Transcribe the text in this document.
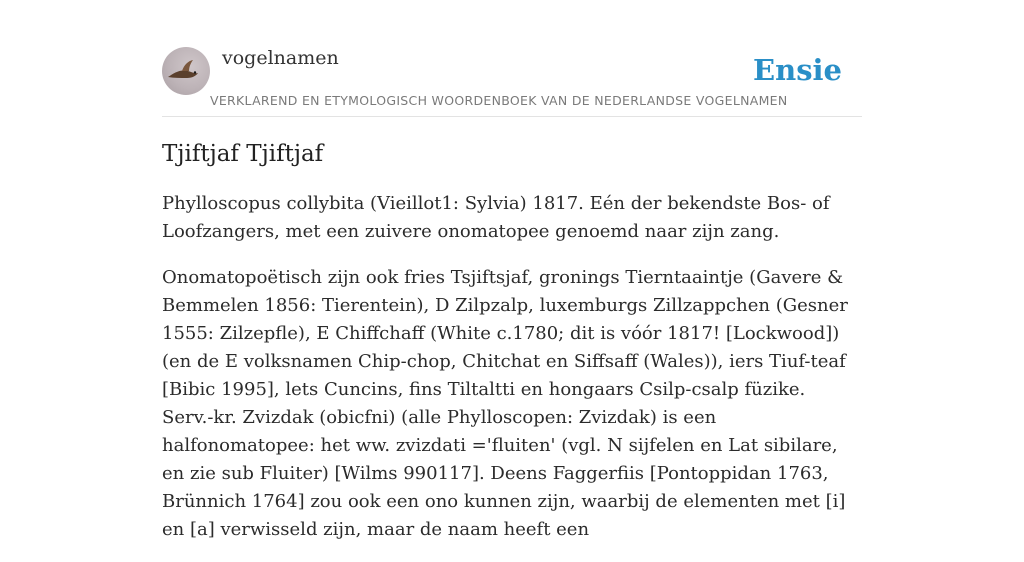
vogelnamen
VERKLAREND EN ETYMOLOGISCH WOORDENBOEK VAN DE NEDERLANDSE VOGELNAMEN
Ensie
Tjiftjaf Tjiftjaf

Phylloscopus collybita (Vieillot1: Sylvia) 1817. Eén der bekendste Bos- of Loofzangers, met een zuivere onomatopee genoemd naar zijn zang.

Onomatopoëtisch zijn ook fries Tsjiftsjaf, gronings Tierntaaintje (Gavere & Bemmelen 1856: Tierentein), D Zilpzalp, luxemburgs Zillzappchen (Gesner 1555: Zilzepfle), E Chiffchaff (White c.1780; dit is vóór 1817! [Lockwood]) (en de E volksnamen Chip-chop, Chitchat en Siffsaff (Wales)), iers Tiuf-teaf [Bibic 1995], lets Cuncins, fins Tiltaltti en hongaars Csilp-csalp füzike. Serv.-kr. Zvizdak (obicfni) (alle Phylloscopen: Zvizdak) is een halfonomatopee: het ww. zvizdati ='fluiten' (vgl. N sijfelen en Lat sibilare, en zie sub Fluiter) [Wilms 990117]. Deens Faggerfiis [Pontoppidan 1763, Brünnich 1764] zou ook een ono kunnen zijn, waarbij de elementen met [i] en [a] verwisseld zijn, maar de naam heeft een
